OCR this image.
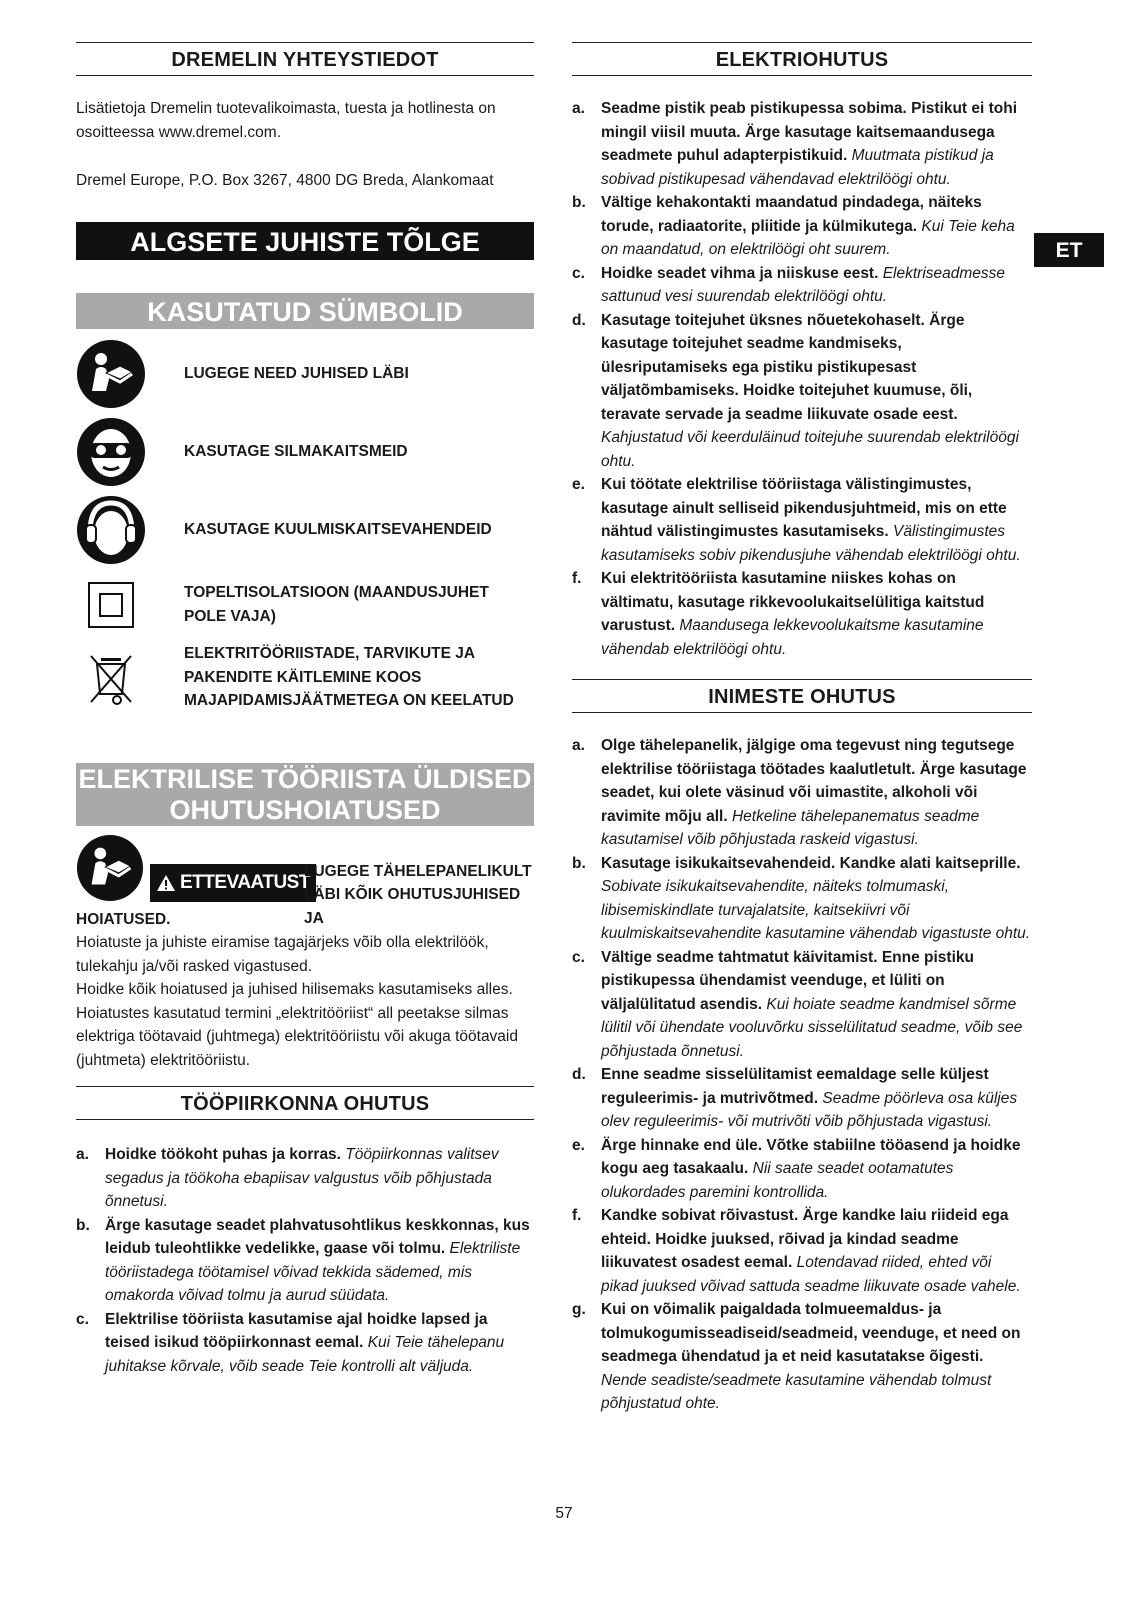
ET
DREMELIN YHTEYSTIEDOT

Lisätietoja Dremelin tuotevalikoimasta, tuesta ja hotlinesta on osoitteessa www.dremel.com.

Dremel Europe, P.O. Box 3267, 4800 DG Breda, Alankomaat

ALGSETE JUHISTE TÕLGE
KASUTATUD SÜMBOLID
LUGEGE NEED JUHISED LÄBI
KASUTAGE SILMAKAITSMEID
KASUTAGE KUULMISKAITSEVAHENDEID
TOPELTISOLATSIOON (MAANDUSJUHET POLE VAJA)
ELEKTRITÖÖRIISTADE, TARVIKUTE JA PAKENDITE KÄITLEMINE KOOS MAJAPIDAMISJÄÄTMETEGA ON KEELATUD
ELEKTRILISE TÖÖRIISTA ÜLDISED
OHUTUSHOIATUSED
ETTEVAATUST
LUGEGE TÄHELEPANELIKULT
LÄBI KÕIK OHUTUSJUHISED JA

HOIATUSED.

Hoiatuste ja juhiste eiramise tagajärjeks võib olla elektrilöök, tulekahju ja/või rasked vigastused.

Hoidke kõik hoiatused ja juhised hilisemaks kasutamiseks alles.

Hoiatustes kasutatud termini „elektritööriist“ all peetakse silmas elektriga töötavaid (juhtmega) elektritööriistu või akuga töötavaid (juhtmeta) elektritööriistu.

TÖÖPIIRKONNA OHUTUS
a. Hoidke töökoht puhas ja korras. Tööpiirkonnas valitsev segadus ja töökoha ebapiisav valgustus võib põhjustada õnnetusi.
b. Ärge kasutage seadet plahvatusohtlikus keskkonnas, kus leidub tuleohtlikke vedelikke, gaase või tolmu. Elektriliste tööriistadega töötamisel võivad tekkida sädemed, mis omakorda võivad tolmu ja aurud süüdata.
c. Elektrilise tööriista kasutamise ajal hoidke lapsed ja teised isikud tööpiirkonnast eemal. Kui Teie tähelepanu juhitakse kõrvale, võib seade Teie kontrolli alt väljuda.
ELEKTRIOHUTUS
a. Seadme pistik peab pistikupessa sobima. Pistikut ei tohi mingil viisil muuta. Ärge kasutage kaitsemaandusega seadmete puhul adapterpistikuid. Muutmata pistikud ja sobivad pistikupesad vähendavad elektrilöögi ohtu.
b. Vältige kehakontakti maandatud pindadega, näiteks torude, radiaatorite, pliitide ja külmikutega. Kui Teie keha on maandatud, on elektrilöögi oht suurem.
c. Hoidke seadet vihma ja niiskuse eest. Elektriseadmesse sattunud vesi suurendab elektrilöögi ohtu.
d. Kasutage toitejuhet üksnes nõuetekohaselt. Ärge kasutage toitejuhet seadme kandmiseks, ülesriputamiseks ega pistiku pistikupesast väljatõmbamiseks. Hoidke toitejuhet kuumuse, õli, teravate servade ja seadme liikuvate osade eest. Kahjustatud või keerduläinud toitejuhe suurendab elektrilöögi ohtu.
e. Kui töötate elektrilise tööriistaga välistingimustes, kasutage ainult selliseid pikendusjuhtmeid, mis on ette nähtud välistingimustes kasutamiseks. Välistingimustes kasutamiseks sobiv pikendusjuhe vähendab elektrilöögi ohtu.
f. Kui elektritööriista kasutamine niiskes kohas on vältimatu, kasutage rikkevoolukaitselülitiga kaitstud varustust. Maandusega lekkevoolukaitsme kasutamine vähendab elektrilöögi ohtu.
INIMESTE OHUTUS
a. Olge tähelepanelik, jälgige oma tegevust ning tegutsege elektrilise tööriistaga töötades kaalutletult. Ärge kasutage seadet, kui olete väsinud või uimastite, alkoholi või ravimite mõju all. Hetkeline tähelepanematus seadme kasutamisel võib põhjustada raskeid vigastusi.
b. Kasutage isikukaitsevahendeid. Kandke alati kaitseprille. Sobivate isikukaitsevahendite, näiteks tolmumaski, libisemiskindlate turvajalatsite, kaitsekiivri või kuulmiskaitsevahendite kasutamine vähendab vigastuste ohtu.
c. Vältige seadme tahtmatut käivitamist. Enne pistiku pistikupessa ühendamist veenduge, et lüliti on väljalülitatud asendis. Kui hoiate seadme kandmisel sõrme lülitil või ühendate vooluvõrku sisselülitatud seadme, võib see põhjustada õnnetusi.
d. Enne seadme sisselülitamist eemaldage selle küljest reguleerimis- ja mutrivõtmed. Seadme pöörleva osa küljes olev reguleerimis- või mutrivõti võib põhjustada vigastusi.
e. Ärge hinnake end üle. Võtke stabiilne tööasend ja hoidke kogu aeg tasakaalu. Nii saate seadet ootamatutes olukordades paremini kontrollida.
f. Kandke sobivat rõivastust. Ärge kandke laiu riideid ega ehteid. Hoidke juuksed, rõivad ja kindad seadme liikuvatest osadest eemal. Lotendavad riided, ehted või pikad juuksed võivad sattuda seadme liikuvate osade vahele.
g. Kui on võimalik paigaldada tolmueemaldus- ja tolmukogumisseadiseid/seadmeid, veenduge, et need on seadmega ühendatud ja et neid kasutatakse õigesti. Nende seadiste/seadmete kasutamine vähendab tolmust põhjustatud ohte.
57
